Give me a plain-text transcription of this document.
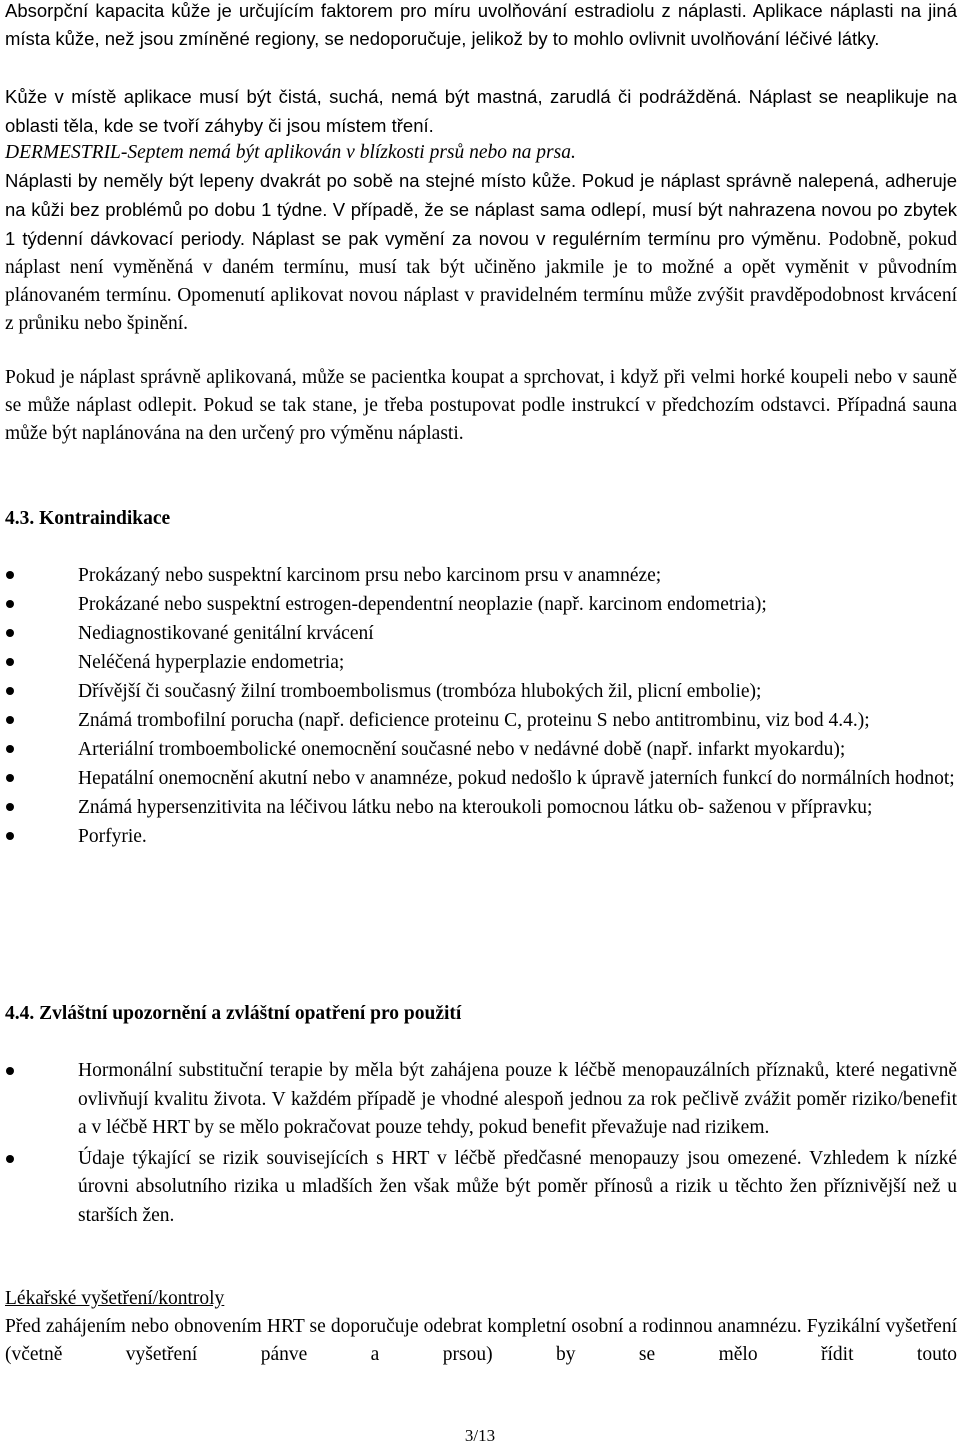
Absorpční kapacita kůže je určujícím faktorem pro míru uvolňování estradiolu z náplasti. Aplikace náplasti na jiná místa kůže, než jsou zmíněné regiony, se nedoporučuje, jelikož by to mohlo ovlivnit uvolňování léčivé látky.

Kůže v místě aplikace musí být čistá, suchá, nemá být mastná, zarudlá či podrážděná. Náplast se neaplikuje na oblasti těla, kde se tvoří záhyby či jsou místem tření.

DERMESTRIL-Septem nemá být aplikován v blízkosti prsů nebo na prsa.

Náplasti by neměly být lepeny dvakrát po sobě na stejné místo kůže. Pokud je náplast správně nalepená, adheruje na kůži bez problémů po dobu 1 týdne. V případě, že se náplast sama odlepí, musí být nahrazena novou po zbytek 1 týdenní dávkovací periody. Náplast se pak vymění za novou v regulérním termínu pro výměnu. Podobně, pokud náplast není vyměněná v daném termínu, musí tak být učiněno jakmile je to možné a opět vyměnit v původním plánovaném termínu. Opomenutí aplikovat novou náplast v pravidelném termínu může zvýšit pravděpodobnost krvácení z průniku nebo špinění.

Pokud je náplast správně aplikovaná, může se pacientka koupat a sprchovat, i když při velmi horké koupeli nebo v sauně se může náplast odlepit. Pokud se tak stane, je třeba postupovat podle instrukcí v předchozím odstavci. Případná sauna může být naplánována na den určený pro výměnu náplasti.

4.3. Kontraindikace
Prokázaný nebo suspektní karcinom prsu nebo karcinom prsu v anamnéze;
Prokázané nebo suspektní estrogen-dependentní neoplazie (např. karcinom endometria);
Nediagnostikované genitální krvácení
Neléčená hyperplazie endometria;
Dřívější či současný žilní tromboembolismus (trombóza hlubokých žil, plicní embolie);
Známá trombofilní porucha (např. deficience proteinu C, proteinu S nebo antitrombinu, viz bod 4.4.);
Arteriální tromboembolické onemocnění současné nebo v nedávné době (např. infarkt myokardu);
Hepatální onemocnění akutní nebo v anamnéze, pokud nedošlo k úpravě jaterních funkcí do normálních hodnot;
Známá hypersenzitivita na léčivou látku nebo na kteroukoli pomocnou látku ob- saženou v přípravku;
Porfyrie.
4.4. Zvláštní upozornění a zvláštní opatření pro použití
Hormonální substituční terapie by měla být zahájena pouze k léčbě menopauzálních příznaků, které negativně ovlivňují kvalitu života. V každém případě je vhodné alespoň jednou za rok pečlivě zvážit poměr riziko/benefit a v léčbě HRT by se mělo pokračovat pouze tehdy, pokud benefit převažuje nad rizikem.
Údaje týkající se rizik souvisejících s HRT v léčbě předčasné menopauzy jsou omezené. Vzhledem k nízké úrovni absolutního rizika u mladších žen však může být poměr přínosů a rizik u těchto žen příznivější než u starších žen.

Lékařské vyšetření/kontroly

Před zahájením nebo obnovením HRT se doporučuje odebrat kompletní osobní a rodinnou anamnézu. Fyzikální vyšetření (včetně vyšetření pánve a prsou) by se mělo řídit touto

3/13
